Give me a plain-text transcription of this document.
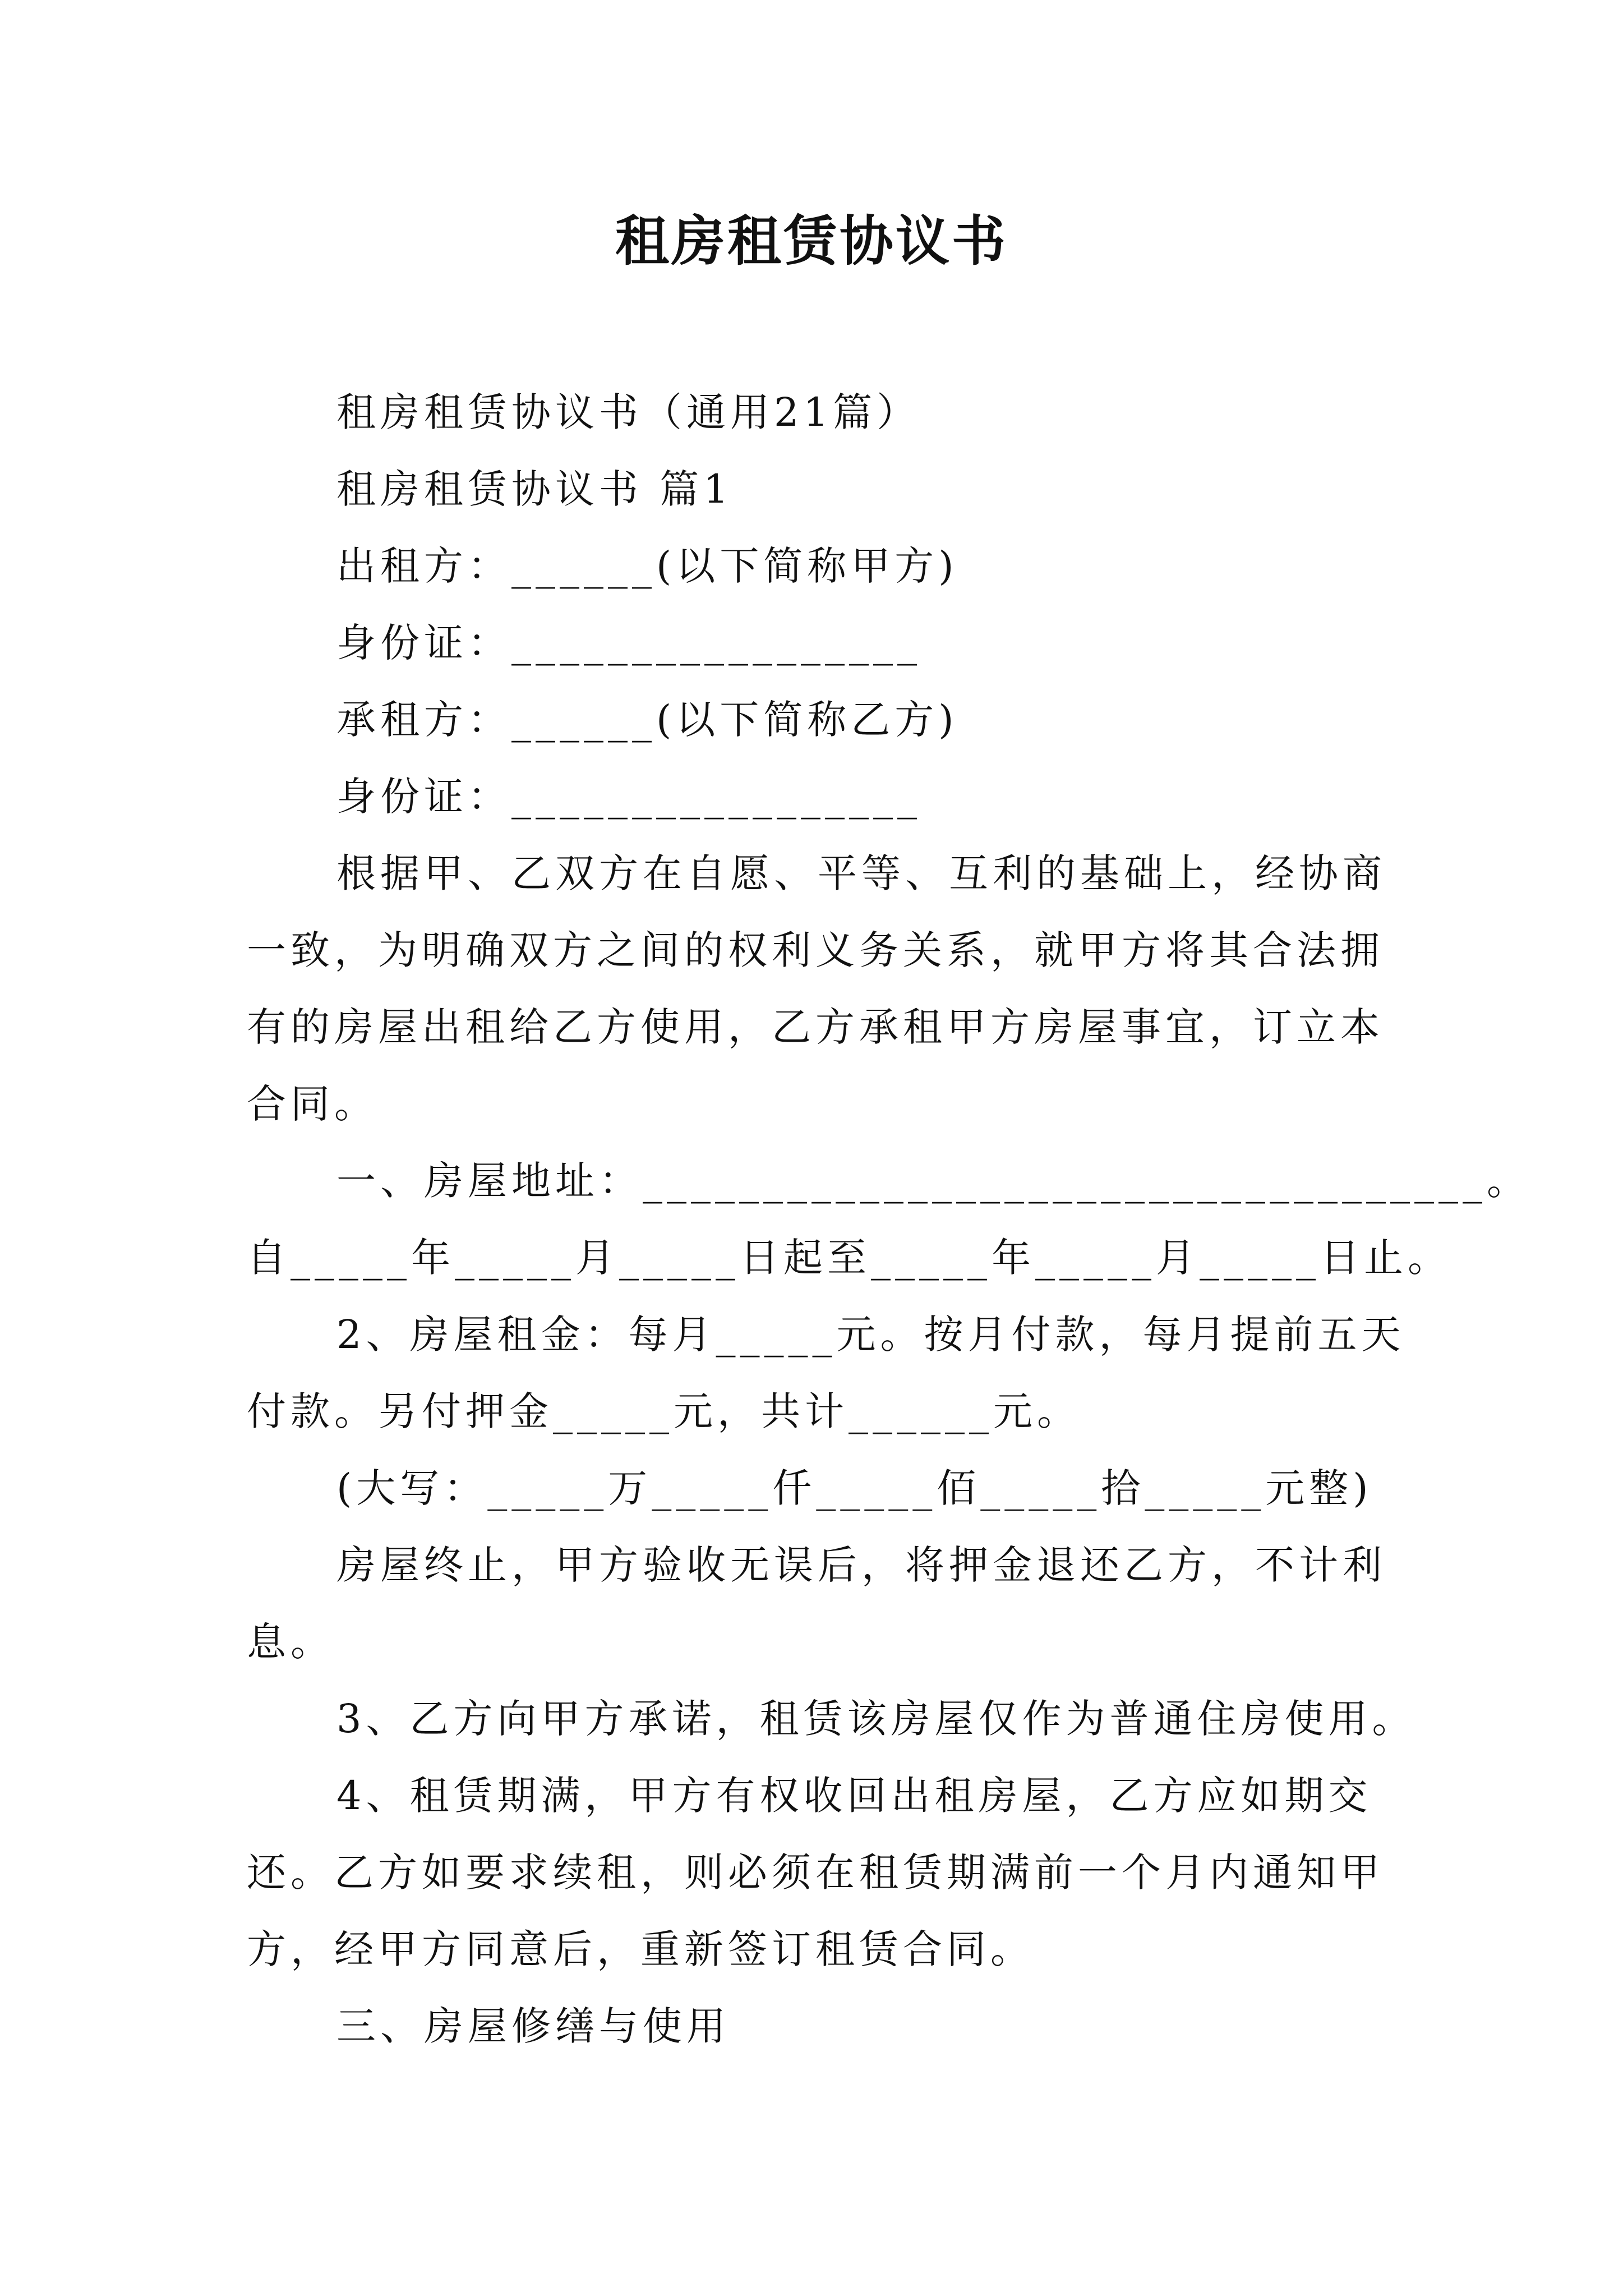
租房租赁协议书
租房租赁协议书（通用21篇）
租房租赁协议书 篇1
出租方：______(以下简称甲方)
身份证：_________________
承租方：______(以下简称乙方)
身份证：_________________
根据甲、乙双方在自愿、平等、互利的基础上，经协商
一致，为明确双方之间的权利义务关系，就甲方将其合法拥
有的房屋出租给乙方使用，乙方承租甲方房屋事宜，订立本
合同。
一、房屋地址：___________________________________。
自_____年_____月_____日起至_____年_____月_____日止。
2、房屋租金：每月_____元。按月付款，每月提前五天
付款。另付押金_____元，共计______元。
(大写：_____万_____仟_____佰_____拾_____元整)
房屋终止，甲方验收无误后，将押金退还乙方，不计利
息。
3、乙方向甲方承诺，租赁该房屋仅作为普通住房使用。
4、租赁期满，甲方有权收回出租房屋，乙方应如期交
还。乙方如要求续租，则必须在租赁期满前一个月内通知甲
方，经甲方同意后，重新签订租赁合同。
三、房屋修缮与使用
